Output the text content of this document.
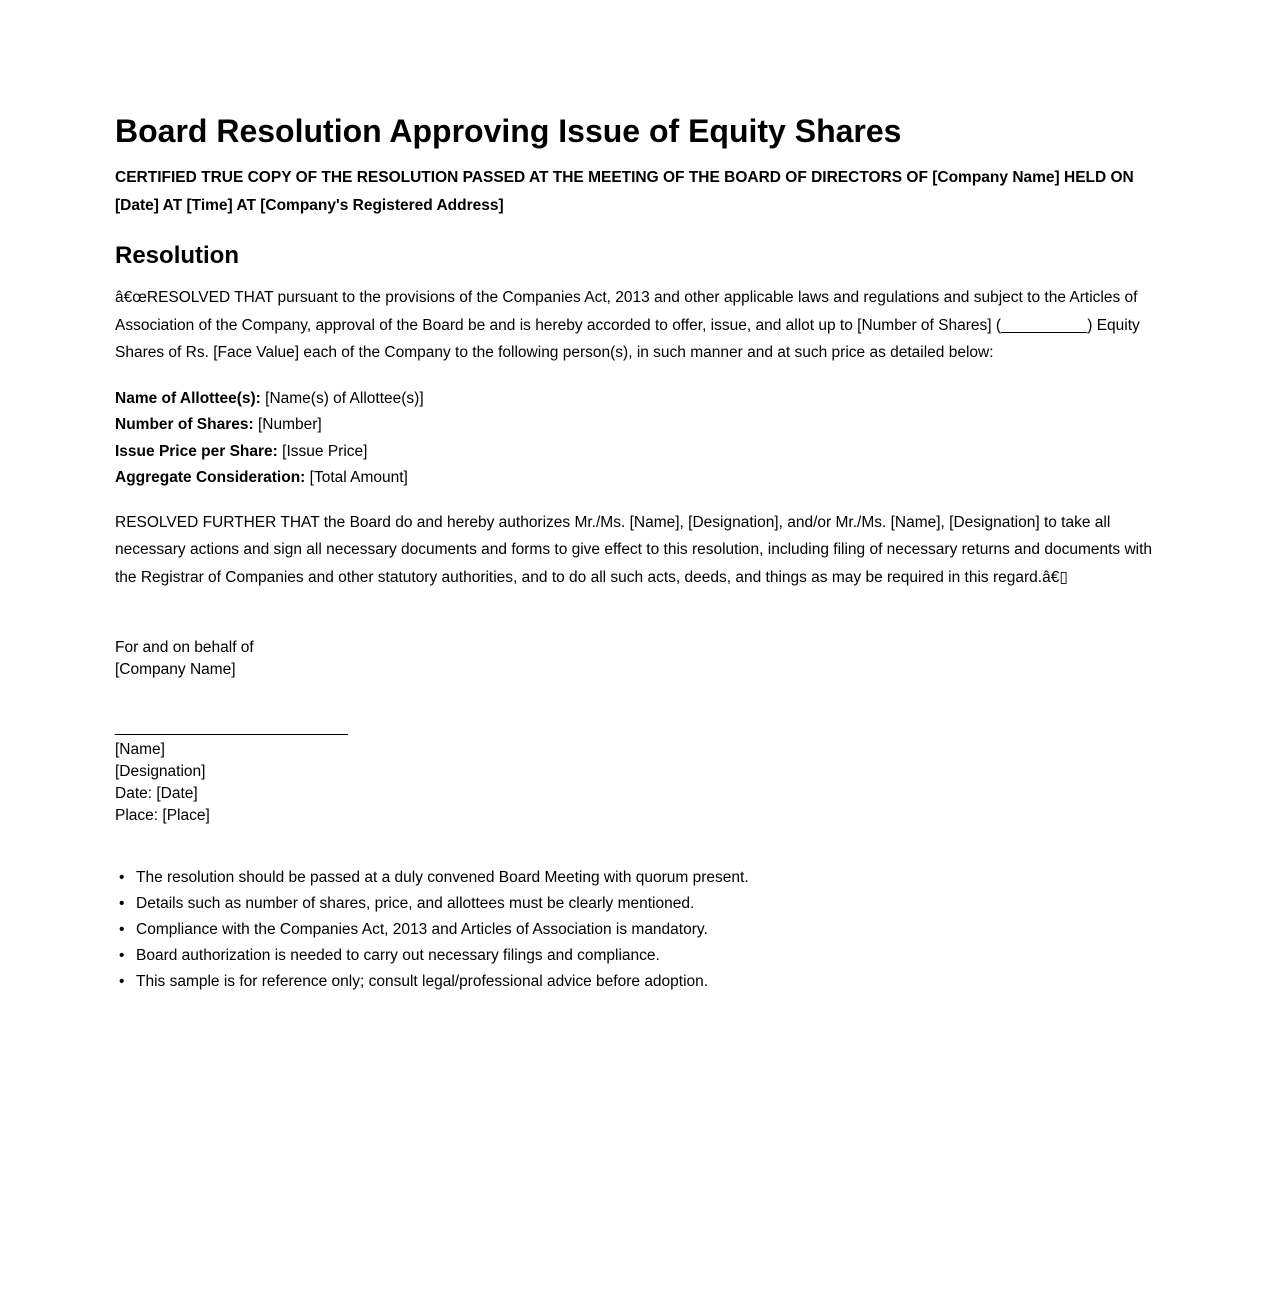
Board Resolution Approving Issue of Equity Shares

CERTIFIED TRUE COPY OF THE RESOLUTION PASSED AT THE MEETING OF THE BOARD OF DIRECTORS OF [Company Name] HELD ON [Date] AT [Time] AT [Company's Registered Address]

Resolution

â€œRESOLVED THAT pursuant to the provisions of the Companies Act, 2013 and other applicable laws and regulations and subject to the Articles of Association of the Company, approval of the Board be and is hereby accorded to offer, issue, and allot up to [Number of Shares] (__________) Equity Shares of Rs. [Face Value] each of the Company to the following person(s), in such manner and at such price as detailed below:

Name of Allottee(s): [Name(s) of Allottee(s)]
Number of Shares: [Number]
Issue Price per Share: [Issue Price]
Aggregate Consideration: [Total Amount]

RESOLVED FURTHER THAT the Board do and hereby authorizes Mr./Ms. [Name], [Designation], and/or Mr./Ms. [Name], [Designation] to take all necessary actions and sign all necessary documents and forms to give effect to this resolution, including filing of necessary returns and documents with the Registrar of Companies and other statutory authorities, and to do all such acts, deeds, and things as may be required in this regard.â€▯

For and on behalf of
[Company Name]
___________________________
[Name]
[Designation]
Date: [Date]
Place: [Place]
• The resolution should be passed at a duly convened Board Meeting with quorum present.
• Details such as number of shares, price, and allottees must be clearly mentioned.
• Compliance with the Companies Act, 2013 and Articles of Association is mandatory.
• Board authorization is needed to carry out necessary filings and compliance.
• This sample is for reference only; consult legal/professional advice before adoption.
